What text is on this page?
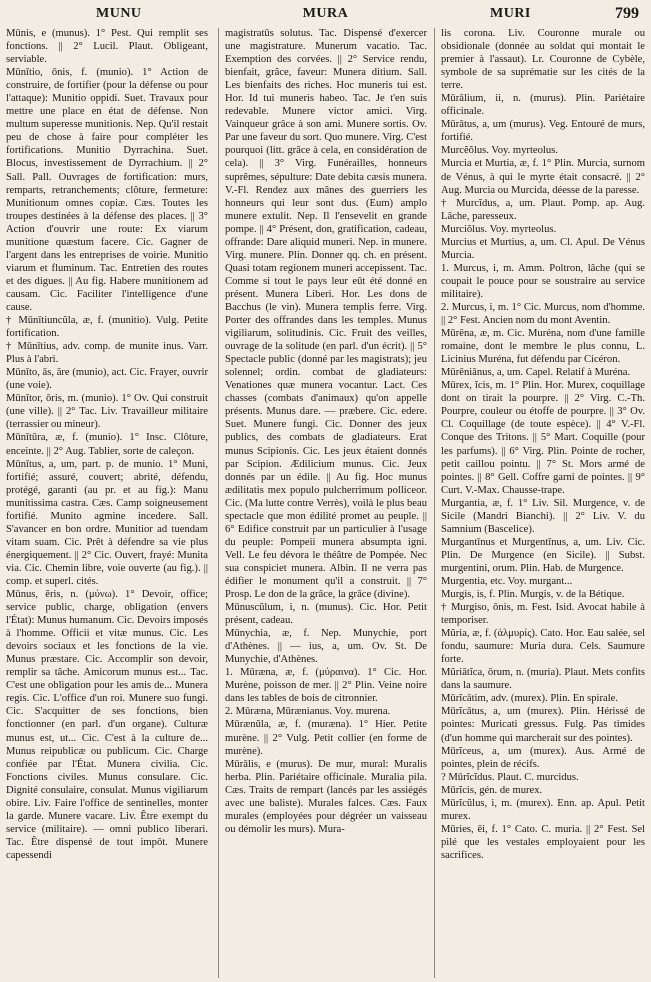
MUNU	MURA	MURI	799
Mūnis, e (munus). 1° Pest. Qui remplit ses fonctions. || 2° Lucil. Plaut. Obligeant, serviable.
Mūnītio, ōnis, f. (munio). 1° Action de construire, de fortifier (pour la défense ou pour l'attaque): Munitio oppidi. Suet. Travaux pour mettre une place en état de défense. Non multum superesse munitionis. Nep. Qu'il restait peu de chose à faire pour compléter les fortifications. Munitio Dyrrachina. Suet. Blocus, investissement de Dyrrachium. || 2° Sall. Pall. Ouvrages de fortification: murs, remparts, retranchements; clôture, fermeture: Munitionum omnes copiæ. Cæs. Toutes les troupes destinées à la défense des places. || 3° Action d'ouvrir une route: Ex viarum munitione quæstum facere. Cic. Gagner de l'argent dans les entreprises de voirie. Munitio viarum et fluminum. Tac. Entretien des routes et des digues. || Au fig. Habere munitionem ad causam. Cic. Faciliter l'intelligence d'une cause.
† Mūnītiuncŭla, æ, f. (munitio). Vulg. Petite fortification.
† Mūnītius, adv. comp. de munite inus. Varr. Plus à l'abri.
Mūnīto, ās, āre (munio), act. Cic. Frayer, ouvrir (une voie).
Mūnītor, ōris, m. (munio). 1° Ov. Qui construit (une ville). || 2° Tac. Liv. Travailleur militaire (terrassier ou mineur).
Mūnītūra, æ, f. (munio). 1° Insc. Clôture, enceinte. || 2° Aug. Tablier, sorte de caleçon.
Mūnītus, a, um, part. p. de munio. 1° Muni, fortifié; assuré, couvert; abrité, défendu, protégé, garanti (au pr. et au fig.): Manu munitissima castra. Cæs. Camp soigneusement fortifié. Munito agmine incedere. Sall. S'avancer en bon ordre. Munitior ad tuendam vitam suam. Cic. Prêt à défendre sa vie plus énergiquement. || 2° Cic. Ouvert, frayé: Munita via. Cic. Chemin libre, voie ouverte (au fig.). || comp. et superl. cités.
Mūnus, ĕris, n. (μύνω). 1° Devoir, office; service public, charge, obligation (envers l'État): Munus humanum. Cic. Devoirs imposés à l'homme. Officii et vitæ munus. Cic. Les devoirs sociaux et les fonctions de la vie. Munus præstare. Cic. Accomplir son devoir, remplir sa tâche. Amicorum munus est... Tac. C'est une obligation pour les amis de... Munera regis. Cic. L'office d'un roi. Munere suo fungi. Cic. S'acquitter de ses fonctions, bien fonctionner (en parl. d'un organe). Culturæ munus est, ut... Cic. C'est à la culture de... Munus reipublicæ ou publicum. Cic. Charge confiée par l'État. Munera civilia. Cic. Fonctions civiles. Munus consulare. Cic. Dignité consulaire, consulat. Munus vigiliarum obire. Liv. Faire l'office de sentinelles, monter la garde. Munere vacare. Liv. Être exempt du service (militaire). — omni publico liberari. Tac. Être dispensé de tout impôt. Munere capessendi
magistratūs solutus. Tac. Dispensé d'exercer une magistrature. Munerum vacatio. Tac. Exemption des corvées. || 2° Service rendu, bienfait, grâce, faveur: Munera ditium. Sall. Les bienfaits des riches. Hoc muneris tui est. Hor. Id tui muneris habeo. Tac. Je t'en suis redevable. Munere victor amici. Virg. Vainqueur grâce à son ami. Munere sortis. Ov. Par une faveur du sort. Quo munere. Virg. C'est pourquoi (litt. grâce à cela, en considération de cela). || 3° Virg. Funérailles, honneurs suprêmes, sépulture: Date debita cæsis munera. V.-Fl. Rendez aux mânes des guerriers les honneurs qui leur sont dus. (Eum) amplo munere extulit. Nep. Il l'ensevelit en grande pompe. || 4° Présent, don, gratification, cadeau, offrande: Dare aliquid muneri. Nep. in munere. Virg. munere. Plin. Donner qq. ch. en présent. Quasi totam regionem muneri accepissent. Tac. Comme si tout le pays leur eût été donné en présent. Munera Liberi. Hor. Les dons de Bacchus (le vin). Munera templis ferre. Virg. Porter des offrandes dans les temples. Munus vigiliarum, solitudinis. Cic. Fruit des veilles, ouvrage de la solitude (en parl. d'un écrit). || 5° Spectacle public (donné par les magistrats); jeu solennel; ordin. combat de gladiateurs: Venationes quæ munera vocantur. Lact. Ces chasses (combats d'animaux) qu'on appelle présents. Munus dare. — præbere. Cic. edere. Suet. Munere fungi. Cic. Donner des jeux publics, des combats de gladiateurs. Erat munus Scipionis. Cic. Les jeux étaient donnés par Scipion. Ædilicium munus. Cic. Jeux donnés par un édile. || Au fig. Hoc munus ædilitatis mex populo pulcherrimum polliceor. Cic. (Ma lutte contre Verrès), voilà le plus beau spectacle que mon édilité promet au peuple. || 6° Edifice construit par un particulier à l'usage du peuple: Pompeii munera absumpta igni. Vell. Le feu dévora le théâtre de Pompée. Nec sua conspiciet munera. Albin. Il ne verra pas édifier le monument qu'il a construit. || 7° Prosp. Le don de la grâce, la grâce (divine).
Mūnuscŭlum, i, n. (munus). Cic. Hor. Petit présent, cadeau.
Mūnychia, æ, f. Nep. Munychie, port d'Athènes. || — ius, a, um. Ov. St. De Munychie, d'Athènes.
1. Mūræna, æ, f. (μύραινα). 1° Cic. Hor. Murène, poisson de mer. || 2° Plin. Veine noire dans les tables de bois de citronnier.
2. Mūræna, Mūrænianus. Voy. murena.
Mūrænŭla, æ, f. (muræna). 1° Hier. Petite murène. || 2° Vulg. Petit collier (en forme de murène).
Mūrālis, e (murus). De mur, mural: Muralis herba. Plin. Pariétaire officinale. Muralia pila. Cæs. Traits de rempart (lancés par les assiégés avec une baliste). Murales falces. Cæs. Faux murales (employées pour dégréer un vaisseau ou démolir les murs). Mura-
lis corona. Liv. Couronne murale ou obsidionale (donnée au soldat qui montait le premier à l'assaut). Lr. Couronne de Cybèle, symbole de sa suprématie sur les cités de la terre.
Mūrālium, ii, n. (murus). Plin. Pariétaire officinale.
Mūrātus, a, um (murus). Veg. Entouré de murs, fortifié.
Murcĕŏlus. Voy. myrteolus.
Murcia et Murtia, æ, f. 1° Plin. Murcia, surnom de Vénus, à qui le myrte était consacré. || 2° Aug. Murcia ou Murcida, déesse de la paresse.
† Murcĭdus, a, um. Plaut. Pomp. ap. Aug. Lâche, paresseux.
Murciŏlus. Voy. myrteolus.
Murcius et Murtius, a, um. Cl. Apul. De Vénus Murcia.
1. Murcus, i, m. Amm. Poltron, lâche (qui se coupait le pouce pour se soustraire au service militaire).
2. Murcus, i, m. 1° Cic. Murcus, nom d'homme. || 2° Fest. Ancien nom du mont Aventin.
Mūrēna, æ, m. Cic. Muréna, nom d'une famille romaine, dont le membre le plus connu, L. Licinius Muréna, fut défendu par Cicéron.
Mūrēniānus, a, um. Capel. Relatif à Muréna.
Mūrex, ĭcis, m. 1° Plin. Hor. Murex, coquillage dont on tirait la pourpre. || 2° Virg. C.-Th. Pourpre, couleur ou étoffe de pourpre. || 3° Ov. Cl. Coquillage (de toute espèce). || 4° V.-Fl. Conque des Tritons. || 5° Mart. Coquille (pour les parfums). || 6° Virg. Plin. Pointe de rocher, petit caillou pointu. || 7° St. Mors armé de pointes. || 8° Gell. Coffre garni de pointes. || 9° Curt. V.-Max. Chausse-trape.
Murgantia, æ, f. 1° Liv. Sil. Murgence, v. de Sicile (Mandri Bianchi). || 2° Liv. V. du Samnium (Bascelice).
Murgantīnus et Murgentīnus, a, um. Liv. Cic. Plin. De Murgence (en Sicile). || Subst. murgentini, orum. Plin. Hab. de Murgence.
Murgentia, etc. Voy. murgant...
Murgis, is, f. Plin. Murgis, v. de la Bétique.
† Murgiso, ōnis, m. Fest. Isid. Avocat habile à temporiser.
Mŭria, æ, f. (ἁλμυρίς). Cato. Hor. Eau salée, sel fondu, saumure: Muria dura. Cels. Saumure forte.
Mŭriātĭca, ōrum, n. (muria). Plaut. Mets confits dans la saumure.
Mūrĭcātim, adv. (murex). Plin. En spirale.
Mūrĭcātus, a, um (murex). Plin. Hérissé de pointes: Muricati gressus. Fulg. Pas timides (d'un homme qui marcherait sur des pointes).
Mūrĭceus, a, um (murex). Aus. Armé de pointes, plein de récifs.
? Mūrĭcĭdus. Plaut. C. murcidus.
Mūrĭcis, gén. de murex.
Mūrĭcŭlus, i, m. (murex). Enn. ap. Apul. Petit murex.
Mūries, ēi, f. 1° Cato. C. muria. || 2° Fest. Sel pilé que les vestales employaient pour les sacrifices.
